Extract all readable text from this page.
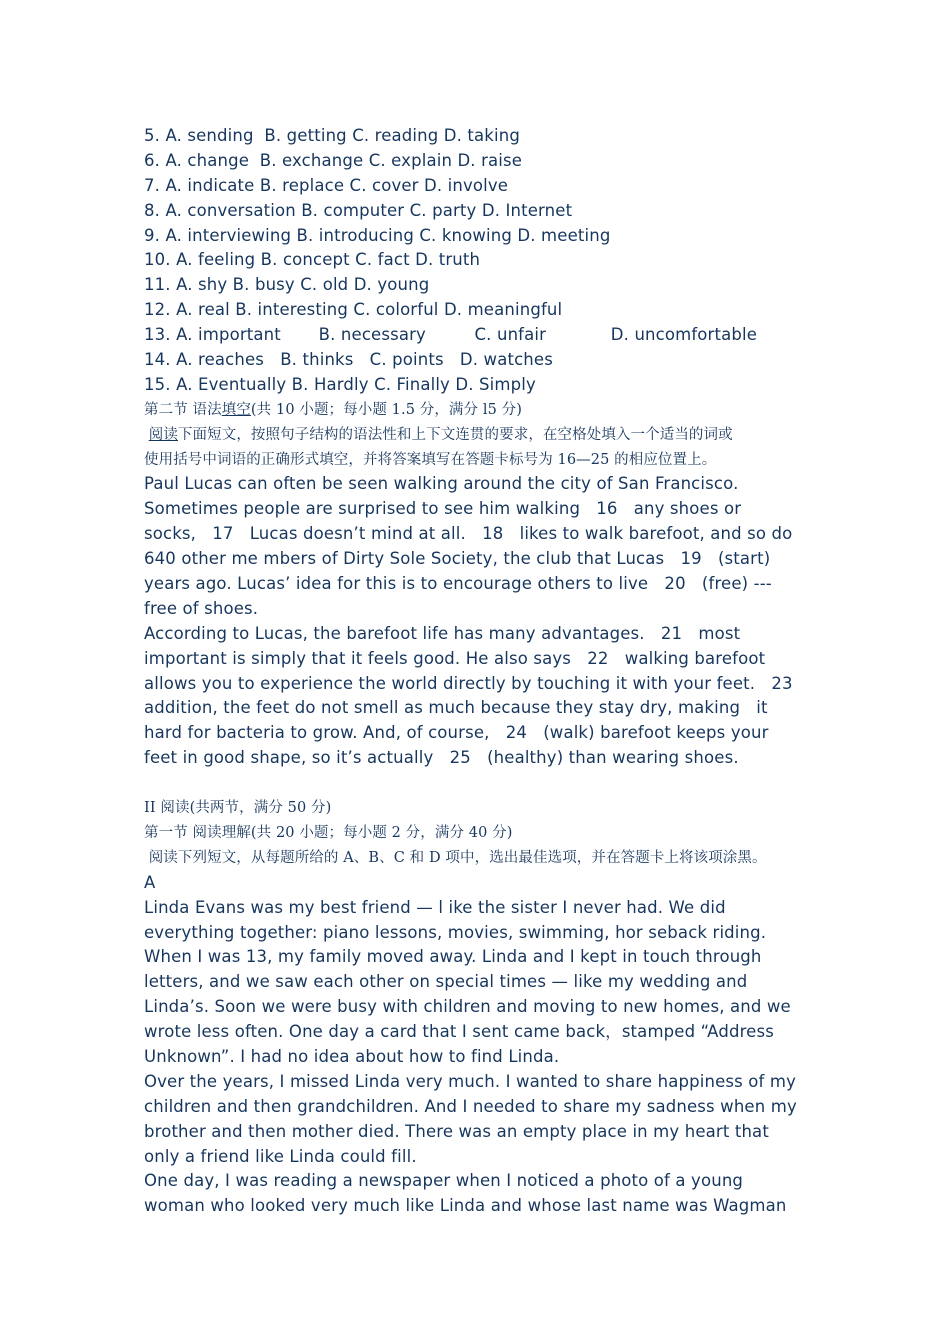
5. A. sending  B. getting C. reading D. taking
6. A. change  B. exchange C. explain D. raise
7. A. indicate B. replace C. cover D. involve
8. A. conversation B. computer C. party D. Internet
9. A. interviewing B. introducing C. knowing D. meeting
10. A. feeling B. concept C. fact D. truth
11. A. shy B. busy C. old D. young
12. A. real B. interesting C. colorful D. meaningful
13. A. important       B. necessary         C. unfair            D. uncomfortable
14. A. reaches   B. thinks   C. points   D. watches
15. A. Eventually B. Hardly C. Finally D. Simply
第二节 语法填空(共 10 小题；每小题 1.5 分，满分 l5 分)
阅读下面短文，按照句子结构的语法性和上下文连贯的要求，在空格处填入一个适当的词或
使用括号中词语的正确形式填空，并将答案填写在答题卡标号为 16—25 的相应位置上。
Paul Lucas can often be seen walking around the city of San Francisco.
Sometimes people are surprised to see him walking   16   any shoes or
socks,   17   Lucas doesn’t mind at all.   18   likes to walk barefoot, and so do
640 other me mbers of Dirty Sole Society, the club that Lucas   19   (start)
years ago. Lucas’ idea for this is to encourage others to live   20   (free) ---
free of shoes.
According to Lucas, the barefoot life has many advantages.   21   most
important is simply that it feels good. He also says   22   walking barefoot
allows you to experience the world directly by touching it with your feet.   23
addition, the feet do not smell as much because they stay dry, making   it
hard for bacteria to grow. And, of course,   24   (walk) barefoot keeps your
feet in good shape, so it’s actually   25   (healthy) than wearing shoes.
II 阅读(共两节，满分 50 分)
第一节 阅读理解(共 20 小题；每小题 2 分，满分 40 分)
阅读下列短文，从每题所给的 A、B、C 和 D 项中，选出最佳选项，并在答题卡上将该项涂黑。
A
Linda Evans was my best friend — l ike the sister I never had. We did
everything together: piano lessons, movies, swimming, hor seback riding.
When I was 13, my family moved away. Linda and I kept in touch through
letters, and we saw each other on special times — like my wedding and
Linda’s. Soon we were busy with children and moving to new homes, and we
wrote less often. One day a card that I sent came back，stamped “Address
Unknown”. I had no idea about how to find Linda.
Over the years, I missed Linda very much. I wanted to share happiness of my
children and then grandchildren. And I needed to share my sadness when my
brother and then mother died. There was an empty place in my heart that
only a friend like Linda could fill.
One day, I was reading a newspaper when I noticed a photo of a young
woman who looked very much like Linda and whose last name was Wagman
